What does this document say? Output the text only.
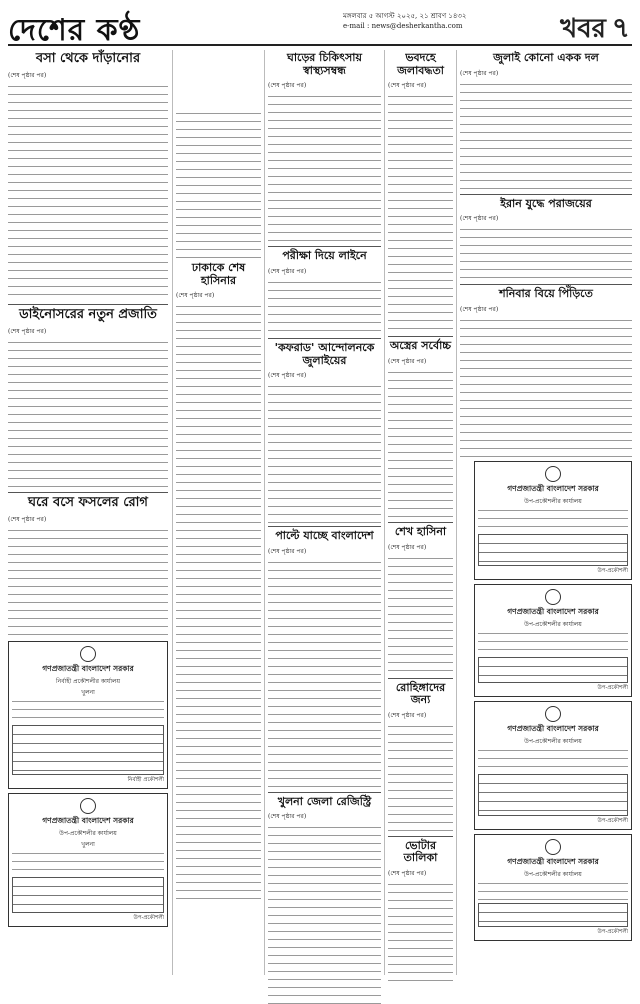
দেশের কণ্ঠ	মঙ্গলবার ৫ আগস্ট ২০২৫, ২১ শ্রাবণ ১৪৩২
e-mail : news@desherkantha.com	খবর ৭
বসা থেকে দাঁড়ানোর
(শেষ পৃষ্ঠার পর)
ডাইনোসরের নতুন প্রজাতি
(শেষ পৃষ্ঠার পর)
ঘরে বসে ফসলের রোগ
(শেষ পৃষ্ঠার পর)
গণপ্রজাতন্ত্রী বাংলাদেশ সরকার
নির্বাহী প্রকৌশলীর কার্যালয়
খুলনা
নির্বাহী প্রকৌশলী
গণপ্রজাতন্ত্রী বাংলাদেশ সরকার
উপ-প্রকৌশলীর কার্যালয়
খুলনা
উপ-প্রকৌশলী
ঢাকাকে শেষ হাসিনার
(শেষ পৃষ্ঠার পর)
ঘাড়ের চিকিৎসায় স্বাস্থ্যসম্বন্ধ
(শেষ পৃষ্ঠার পর)
পরীক্ষা দিয়ে লাইনে
(শেষ পৃষ্ঠার পর)
'কফরাড' আন্দোলনকে জুলাইয়ের
(শেষ পৃষ্ঠার পর)
পাল্টে যাচ্ছে বাংলাদেশ
(শেষ পৃষ্ঠার পর)
খুলনা জেলা রেজিস্ট্রি
(শেষ পৃষ্ঠার পর)
ভবদহে জলাবদ্ধতা
(শেষ পৃষ্ঠার পর)
অস্ত্রের সর্বোচ্চ
(শেষ পৃষ্ঠার পর)
শেখ হাসিনা
(শেষ পৃষ্ঠার পর)
রোহিঙ্গাদের জন্য
(শেষ পৃষ্ঠার পর)
ভোটার তালিকা
(শেষ পৃষ্ঠার পর)
জুলাই কোনো একক দল
(শেষ পৃষ্ঠার পর)
ইরান যুদ্ধে পরাজয়ের
(শেষ পৃষ্ঠার পর)
শনিবার বিয়ে পিঁড়িতে
(শেষ পৃষ্ঠার পর)
গণপ্রজাতন্ত্রী বাংলাদেশ সরকার
উপ-প্রকৌশলীর কার্যালয়
উপ-প্রকৌশলী
গণপ্রজাতন্ত্রী বাংলাদেশ সরকার
উপ-প্রকৌশলীর কার্যালয়
উপ-প্রকৌশলী
গণপ্রজাতন্ত্রী বাংলাদেশ সরকার
উপ-প্রকৌশলীর কার্যালয়
উপ-প্রকৌশলী
গণপ্রজাতন্ত্রী বাংলাদেশ সরকার
উপ-প্রকৌশলীর কার্যালয়
উপ-প্রকৌশলী
